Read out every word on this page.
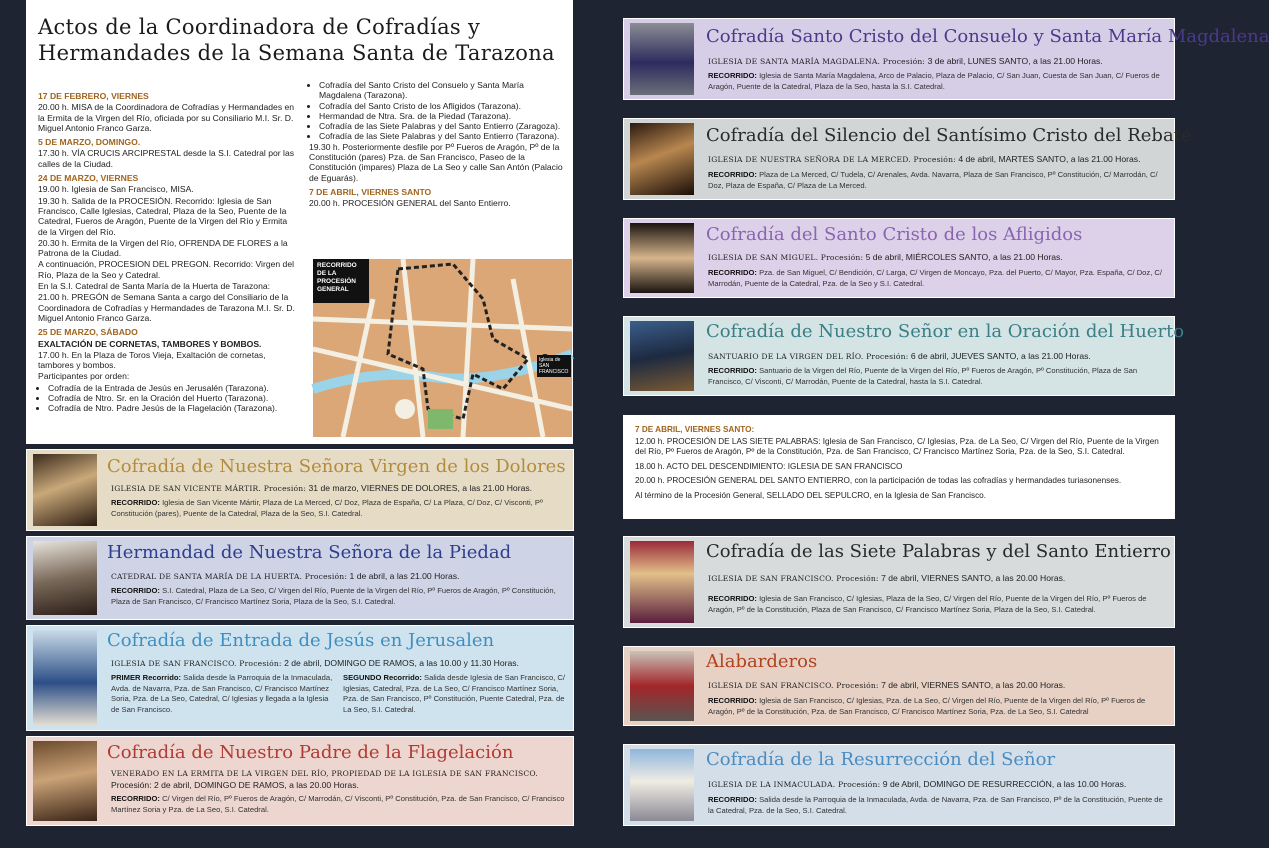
Actos de la Coordinadora de Cofradías y
Hermandades de la Semana Santa de Tarazona

17 DE FEBRERO, VIERNES

20.00 h. MISA de la Coordinadora de Cofradías y Hermandades en la Ermita de la Virgen del Río, oficiada por su Consiliario M.I. Sr. D. Miguel Antonio Franco Garza.

5 DE MARZO, DOMINGO.

17.30 h. VÍA CRUCIS ARCIPRESTAL desde la S.I. Catedral por las calles de la Ciudad.

24 DE MARZO, VIERNES

19.00 h. Iglesia de San Francisco, MISA.

19.30 h. Salida de la PROCESIÓN. Recorrido: Iglesia de San Francisco, Calle Iglesias, Catedral, Plaza de la Seo, Puente de la Catedral, Fueros de Aragón, Puente de la Virgen del Río y Ermita de la Virgen del Río.

20.30 h. Ermita de la Virgen del Río, OFRENDA DE FLORES a la Patrona de la Ciudad.

A continuación, PROCESION DEL PREGON. Recorrido: Virgen del Río, Plaza de la Seo y Catedral.

En la S.I. Catedral de Santa María de la Huerta de Tarazona:

21.00 h. PREGÓN de Semana Santa a cargo del Consiliario de la Coordinadora de Cofradías y Hermandades de Tarazona M.I. Sr. D. Miguel Antonio Franco Garza.

25 DE MARZO, SÁBADO

EXALTACIÓN DE CORNETAS, TAMBORES Y BOMBOS.

17.00 h. En la Plaza de Toros Vieja, Exaltación de cornetas, tambores y bombos.

Participantes por orden:

• Cofradía de la Entrada de Jesús en Jerusalén (Tarazona).
• Cofradía de Ntro. Sr. en la Oración del Huerto (Tarazona).
• Cofradía de Ntro. Padre Jesús de la Flagelación (Tarazona).
• Cofradía del Santo Cristo del Consuelo y Santa María Magdalena (Tarazona).
• Cofradía del Santo Cristo de los Afligidos (Tarazona).
• Hermandad de Ntra. Sra. de la Piedad (Tarazona).
• Cofradía de las Siete Palabras y del Santo Entierro (Zaragoza).
• Cofradía de las Siete Palabras y del Santo Entierro (Tarazona).

19.30 h. Posteriormente desfile por Pº Fueros de Aragón, Pº de la Constitución (pares) Pza. de San Francisco, Paseo de la Constitución (impares) Plaza de La Seo y calle San Antón (Palacio de Eguarás).

7 DE ABRIL, VIERNES SANTO

20.00 h. PROCESIÓN GENERAL del Santo Entierro.

RECORRIDO DE LA PROCESIÓN GENERAL
Iglesia de SAN FRANCISCO
Cofradía de Nuestra Señora Virgen de los Dolores
IGLESIA DE SAN VICENTE MÁRTIR. Procesión: 31 de marzo, VIERNES DE DOLORES, a las 21.00 Horas.
RECORRIDO: Iglesia de San Vicente Mártir, Plaza de La Merced, C/ Doz, Plaza de España, C/ La Plaza, C/ Doz, C/ Visconti, Pº Constitución (pares), Puente de la Catedral, Plaza de la Seo, S.I. Catedral.
Hermandad de Nuestra Señora de la Piedad
CATEDRAL DE SANTA MARÍA DE LA HUERTA. Procesión: 1 de abril, a las 21.00 Horas.
RECORRIDO: S.I. Catedral, Plaza de La Seo, C/ Virgen del Río, Puente de la Virgen del Río, Pº Fueros de Aragón, Pº Constitución, Plaza de San Francisco, C/ Francisco Martínez Soria, Plaza de la Seo, S.I. Catedral.
Cofradía de Entrada de Jesús en Jerusalen
IGLESIA DE SAN FRANCISCO. Procesión: 2 de abril, DOMINGO DE RAMOS, a las 10.00 y 11.30 Horas.
PRIMER Recorrido: Salida desde la Parroquia de la Inmaculada, Avda. de Navarra, Pza. de San Francisco, C/ Francisco Martínez Soria, Pza. de La Seo, Catedral, C/ Iglesias y llegada a la Iglesia de San Francisco.
SEGUNDO Recorrido: Salida desde Iglesia de San Francisco, C/ Iglesias, Catedral, Pza. de La Seo, C/ Francisco Martínez Soria, Pza. de San Francisco, Pº Constitución, Puente Catedral, Pza. de La Seo, S.I. Catedral.
Cofradía de Nuestro Padre de la Flagelación
VENERADO EN LA ERMITA DE LA VIRGEN DEL RÍO, PROPIEDAD DE LA IGLESIA DE SAN FRANCISCO.
Procesión: 2 de abril, DOMINGO DE RAMOS, a las 20.00 Horas.
RECORRIDO: C/ Virgen del Río, Pº Fueros de Aragón, C/ Marrodán, C/ Visconti, Pº Constitución, Pza. de San Francisco, C/ Francisco Martínez Soria y Pza. de La Seo, S.I. Catedral.
Cofradía Santo Cristo del Consuelo y Santa María Magdalena
IGLESIA DE SANTA MARÍA MAGDALENA. Procesión: 3 de abril, LUNES SANTO, a las 21.00 Horas.
RECORRIDO: Iglesia de Santa María Magdalena, Arco de Palacio, Plaza de Palacio, C/ San Juan, Cuesta de San Juan, C/ Fueros de Aragón, Puente de la Catedral, Plaza de la Seo, hasta la S.I. Catedral.
Cofradía del Silencio del Santísimo Cristo del Rebate
IGLESIA DE NUESTRA SEÑORA DE LA MERCED. Procesión: 4 de abril, MARTES SANTO, a las 21.00 Horas.
RECORRIDO: Plaza de La Merced, C/ Tudela, C/ Arenales, Avda. Navarra, Plaza de San Francisco, Pº Constitución, C/ Marrodán, C/ Doz, Plaza de España, C/ Plaza de La Merced.
Cofradía del Santo Cristo de los Afligidos
IGLESIA DE SAN MIGUEL. Procesión: 5 de abril, MIÉRCOLES SANTO, a las 21.00 Horas.
RECORRIDO: Pza. de San Miguel, C/ Bendición, C/ Larga, C/ Virgen de Moncayo, Pza. del Puerto, C/ Mayor, Pza. España, C/ Doz, C/ Marrodán, Puente de la Catedral, Pza. de la Seo y S.I. Catedral.
Cofradía de Nuestro Señor en la Oración del Huerto
SANTUARIO DE LA VIRGEN DEL RÍO. Procesión: 6 de abril, JUEVES SANTO, a las 21.00 Horas.
RECORRIDO: Santuario de la Virgen del Río, Puente de la Virgen del Río, Pº Fueros de Aragón, Pº Constitución, Plaza de San Francisco, C/ Visconti, C/ Marrodán, Puente de la Catedral, hasta la S.I. Catedral.

7 DE ABRIL, VIERNES SANTO:

12.00 h. PROCESIÓN DE LAS SIETE PALABRAS: Iglesia de San Francisco, C/ Iglesias, Pza. de La Seo, C/ Virgen del Río, Puente de la Virgen del Río, Pº Fueros de Aragón, Pº de la Constitución, Pza. de San Francisco, C/ Francisco Martínez Soria, Pza. de la Seo, S.I. Catedral.

18.00 h. ACTO DEL DESCENDIMIENTO: IGLESIA DE SAN FRANCISCO

20.00 h. PROCESIÓN GENERAL DEL SANTO ENTIERRO, con la participación de todas las cofradías y hermandades turiasonenses.

Al término de la Procesión General, SELLADO DEL SEPULCRO, en la Iglesia de San Francisco.

Cofradía de las Siete Palabras y del Santo Entierro
IGLESIA DE SAN FRANCISCO. Procesión: 7 de abril, VIERNES SANTO, a las 20.00 Horas.
RECORRIDO: Iglesia de San Francisco, C/ Iglesias, Plaza de la Seo, C/ Virgen del Río, Puente de la Virgen del Río, Pº Fueros de Aragón, Pº de la Constitución, Plaza de San Francisco, C/ Francisco Martínez Soria, Plaza de la Seo, S.I. Catedral.
Alabarderos
IGLESIA DE SAN FRANCISCO. Procesión: 7 de abril, VIERNES SANTO, a las 20.00 Horas.
RECORRIDO: Iglesia de San Francisco, C/ Iglesias, Pza. de La Seo, C/ Virgen del Río, Puente de la Virgen del Río, Pº Fueros de Aragón, Pº de la Constitución, Pza. de San Francisco, C/ Francisco Martínez Soria, Pza. de La Seo, S.I. Catedral
Cofradía de la Resurrección del Señor
IGLESIA DE LA INMACULADA. Procesión: 9 de Abril, DOMINGO DE RESURRECCIÓN, a las 10.00 Horas.
RECORRIDO: Salida desde la Parroquia de la Inmaculada, Avda. de Navarra, Pza. de San Francisco, Pº de la Constitución, Puente de la Catedral, Pza. de la Seo, S.I. Catedral.
